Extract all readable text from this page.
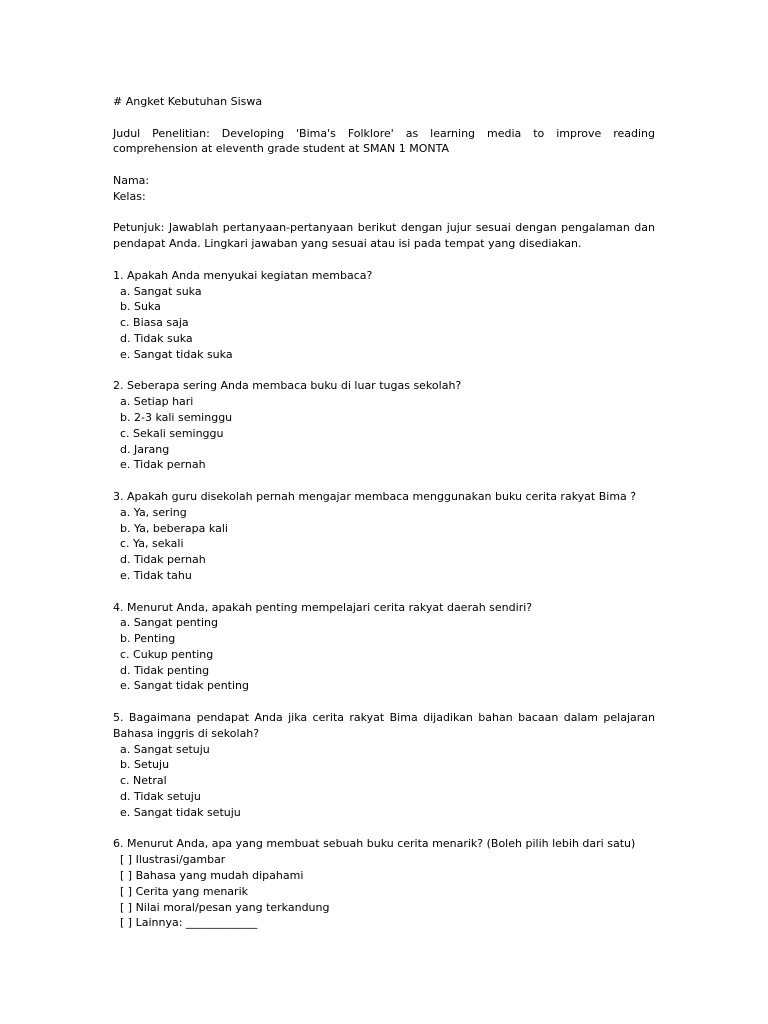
# Angket Kebutuhan Siswa

Judul Penelitian: Developing 'Bima's Folklore' as learning media to improve reading comprehension at eleventh grade student at SMAN 1 MONTA

Nama:

Kelas:

Petunjuk: Jawablah pertanyaan-pertanyaan berikut dengan jujur sesuai dengan pengalaman dan pendapat Anda. Lingkari jawaban yang sesuai atau isi pada tempat yang disediakan.

1. Apakah Anda menyukai kegiatan membaca?

a. Sangat suka
b. Suka
c. Biasa saja
d. Tidak suka
e. Sangat tidak suka

2. Seberapa sering Anda membaca buku di luar tugas sekolah?

a. Setiap hari
b. 2-3 kali seminggu
c. Sekali seminggu
d. Jarang
e. Tidak pernah

3. Apakah guru disekolah pernah mengajar membaca menggunakan buku cerita rakyat Bima ?

a. Ya, sering
b. Ya, beberapa kali
c. Ya, sekali
d. Tidak pernah
e. Tidak tahu

4. Menurut Anda, apakah penting mempelajari cerita rakyat daerah sendiri?

a. Sangat penting
b. Penting
c. Cukup penting
d. Tidak penting
e. Sangat tidak penting

5. Bagaimana pendapat Anda jika cerita rakyat Bima dijadikan bahan bacaan dalam pelajaran Bahasa inggris di sekolah?

a. Sangat setuju
b. Setuju
c. Netral
d. Tidak setuju
e. Sangat tidak setuju

6. Menurut Anda, apa yang membuat sebuah buku cerita menarik? (Boleh pilih lebih dari satu)

[ ] Ilustrasi/gambar
[ ] Bahasa yang mudah dipahami
[ ] Cerita yang menarik
[ ] Nilai moral/pesan yang terkandung
[ ] Lainnya: _____________
